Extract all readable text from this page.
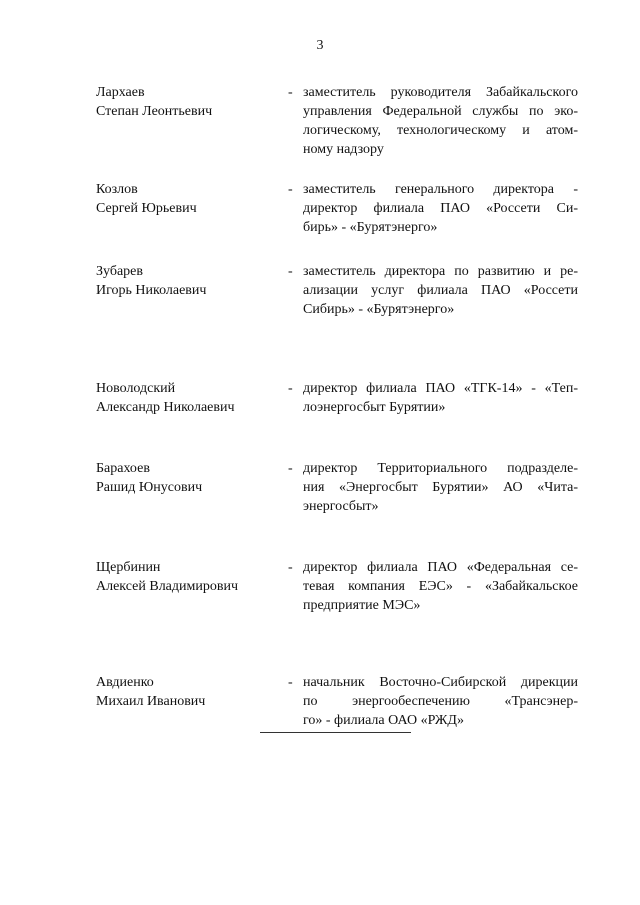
3
Лархаев
Степан Леонтьевич
- заместитель руководителя Забайкальского
управления Федеральной службы по эко-
логическому, технологическому и атом-
ному надзору
Козлов
Сергей Юрьевич
- заместитель генерального директора -
директор филиала ПАО «Россети Си-
бирь» - «Бурятэнерго»
Зубарев
Игорь Николаевич
- заместитель директора по развитию и ре-
ализации услуг филиала ПАО «Россети
Сибирь» - «Бурятэнерго»
Новолодский
Александр Николаевич
- директор филиала ПАО «ТГК-14» - «Теп-
лоэнергосбыт Бурятии»
Барахоев
Рашид Юнусович
- директор Территориального подразделе-
ния «Энергосбыт Бурятии» АО «Чита-
энергосбыт»
Щербинин
Алексей Владимирович
- директор филиала ПАО «Федеральная се-
тевая компания ЕЭС» - «Забайкальское
предприятие МЭС»
Авдиенко
Михаил Иванович
- начальник Восточно-Сибирской дирекции
по энергообеспечению «Трансэнер-
го» - филиала ОАО «РЖД»
